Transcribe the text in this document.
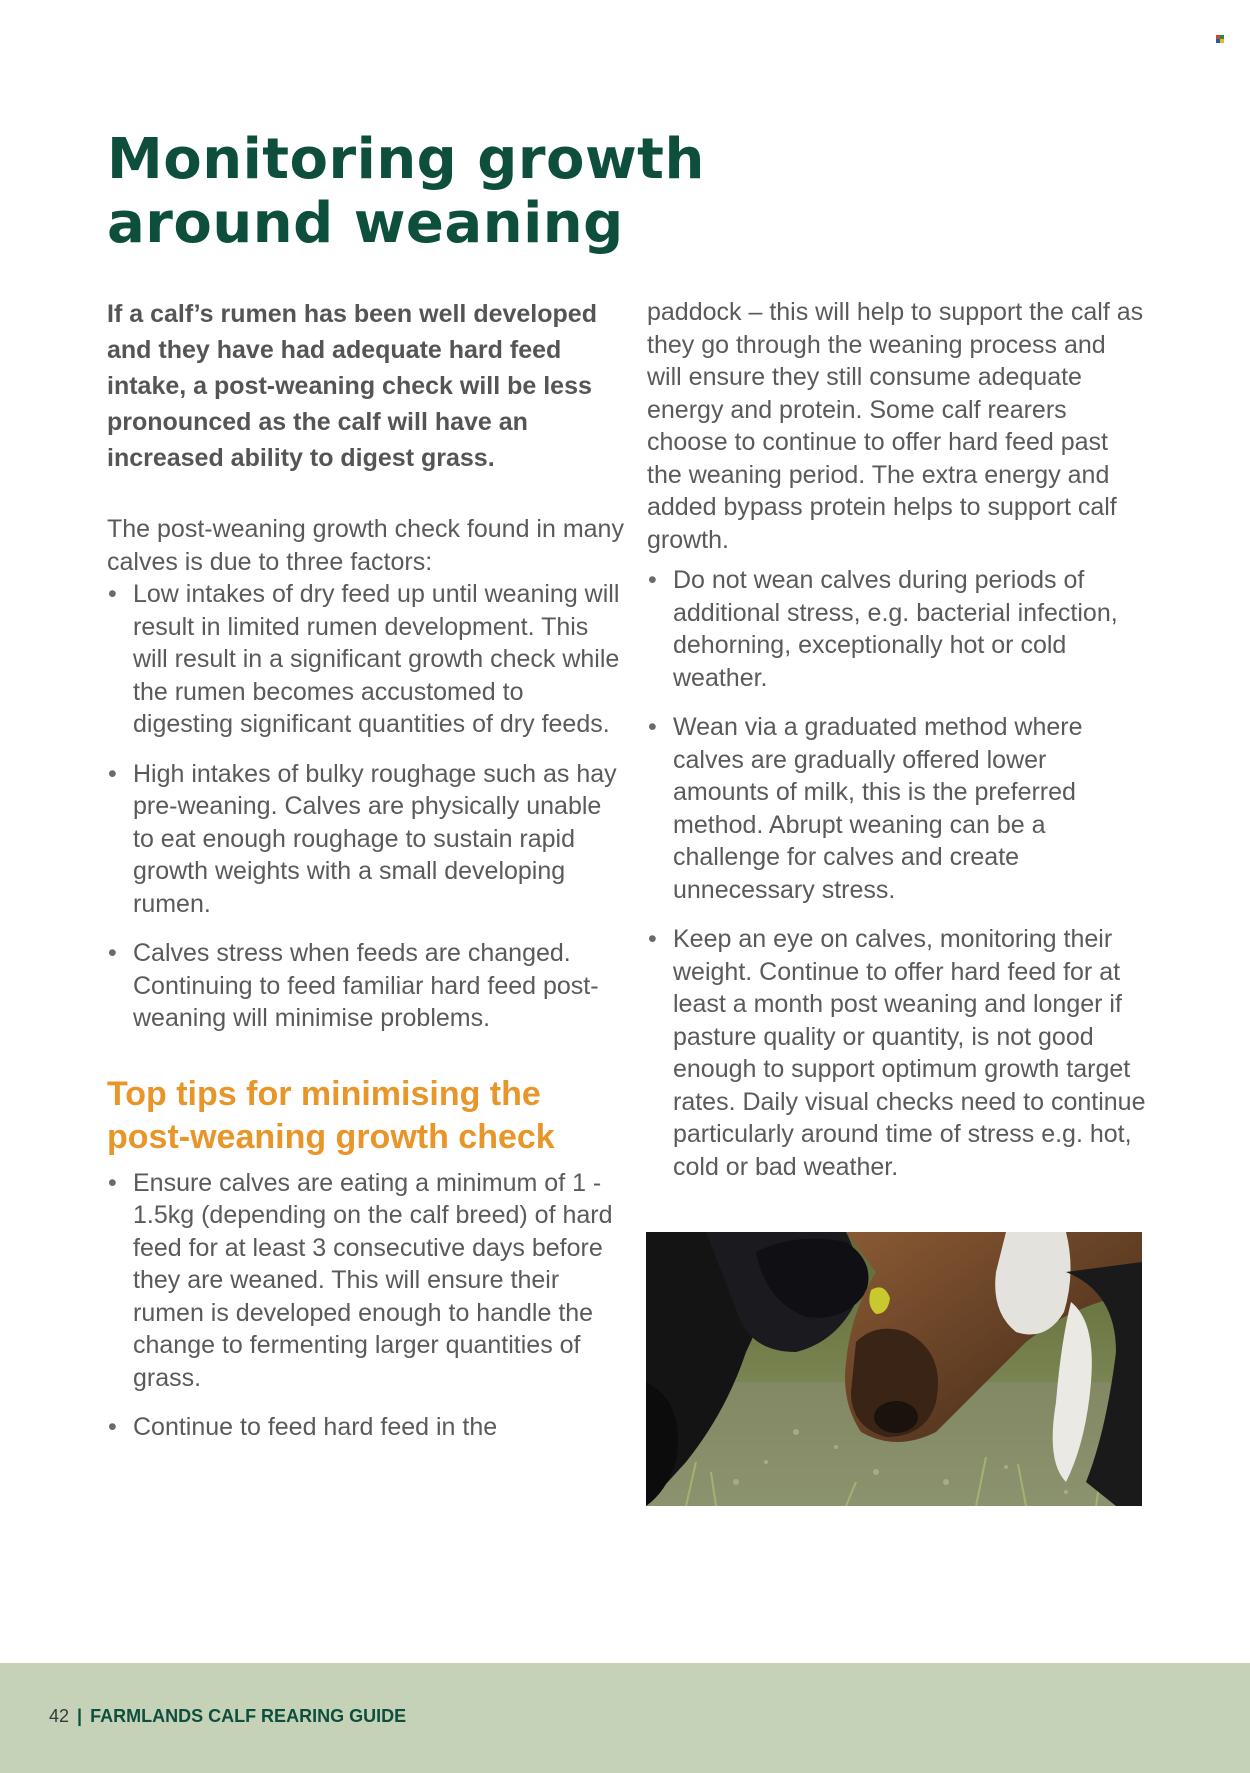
Monitoring growth
around weaning

If a calf’s rumen has been well developed and they have had adequate hard feed intake, a post-weaning check will be less pronounced as the calf will have an increased ability to digest grass.

The post-weaning growth check found in many calves is due to three factors:

• Low intakes of dry feed up until weaning will result in limited rumen development. This will result in a significant growth check while the rumen becomes accustomed to digesting significant quantities of dry feeds.
• High intakes of bulky roughage such as hay pre-weaning. Calves are physically unable to eat enough roughage to sustain rapid growth weights with a small developing rumen.
• Calves stress when feeds are changed. Continuing to feed familiar hard feed post-weaning will minimise problems.
Top tips for minimising the post-weaning growth check
• Ensure calves are eating a minimum of 1 - 1.5kg (depending on the calf breed) of hard feed for at least 3 consecutive days before they are weaned. This will ensure their rumen is developed enough to handle the change to fermenting larger quantities of grass.
• Continue to feed hard feed in the

paddock – this will help to support the calf as they go through the weaning process and will ensure they still consume adequate energy and protein. Some calf rearers choose to continue to offer hard feed past the weaning period. The extra energy and added bypass protein helps to support calf growth.

• Do not wean calves during periods of additional stress, e.g. bacterial infection, dehorning, exceptionally hot or cold weather.
• Wean via a graduated method where calves are gradually offered lower amounts of milk, this is the preferred method. Abrupt weaning can be a challenge for calves and create unnecessary stress.
• Keep an eye on calves, monitoring their weight. Continue to offer hard feed for at least a month post weaning and longer if pasture quality or quantity, is not good enough to support optimum growth target rates. Daily visual checks need to continue particularly around time of stress e.g. hot, cold or bad weather.
42 | FARMLANDS CALF REARING GUIDE
